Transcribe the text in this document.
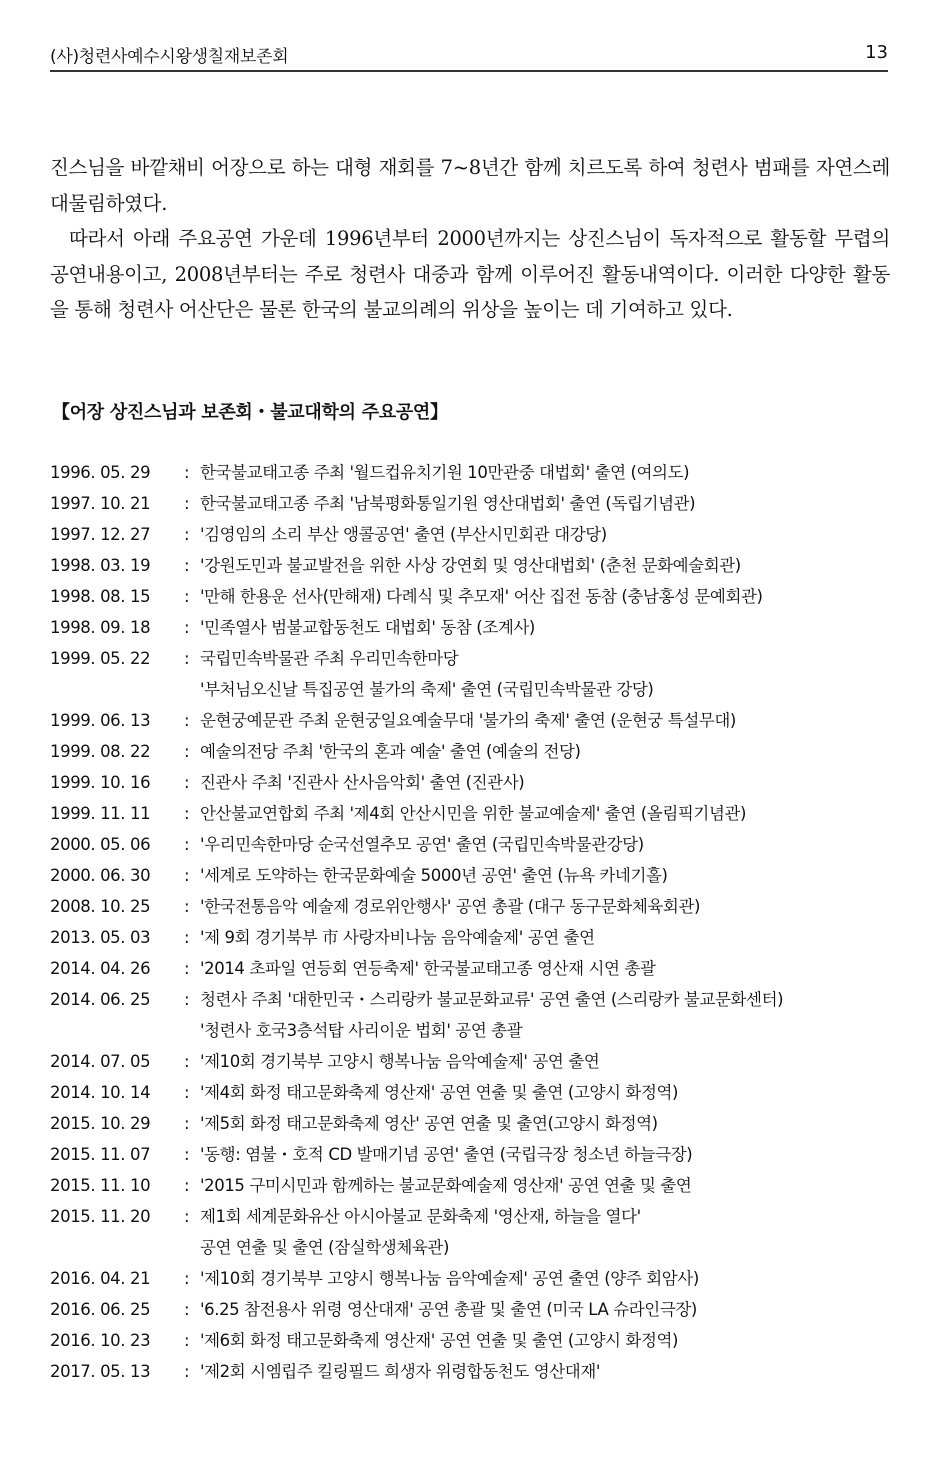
(사)청련사예수시왕생칠재보존회	13

진스님을 바깥채비 어장으로 하는 대형 재회를 7~8년간 함께 치르도록 하여 청련사 범패를 자연스레 대물림하였다.

따라서 아래 주요공연 가운데 1996년부터 2000년까지는 상진스님이 독자적으로 활동할 무렵의 공연내용이고, 2008년부터는 주로 청련사 대중과 함께 이루어진 활동내역이다. 이러한 다양한 활동을 통해 청련사 어산단은 물론 한국의 불교의례의 위상을 높이는 데 기여하고 있다.

【어장 상진스님과 보존회・불교대학의 주요공연】
1996. 05. 29	: 한국불교태고종 주최 '월드컵유치기원 10만관중 대법회' 출연 (여의도)
1997. 10. 21	: 한국불교태고종 주최 '남북평화통일기원 영산대법회' 출연 (독립기념관)
1997. 12. 27	: '김영임의 소리 부산 앵콜공연' 출연 (부산시민회관 대강당)
1998. 03. 19	: '강원도민과 불교발전을 위한 사상 강연회 및 영산대법회' (춘천 문화예술회관)
1998. 08. 15	: '만해 한용운 선사(만해재) 다례식 및 추모재' 어산 집전 동참 (충남홍성 문예회관)
1998. 09. 18	: '민족열사 범불교합동천도 대법회' 동참 (조계사)
1999. 05. 22	: 국립민속박물관 주최 우리민속한마당
'부처님오신날 특집공연 불가의 축제' 출연 (국립민속박물관 강당)
1999. 06. 13	: 운현궁예문관 주최 운현궁일요예술무대 '불가의 축제' 출연 (운현궁 특설무대)
1999. 08. 22	: 예술의전당 주최 '한국의 혼과 예술' 출연 (예술의 전당)
1999. 10. 16	: 진관사 주최 '진관사 산사음악회' 출연 (진관사)
1999. 11. 11	: 안산불교연합회 주최 '제4회 안산시민을 위한 불교예술제' 출연 (올림픽기념관)
2000. 05. 06	: '우리민속한마당 순국선열추모 공연' 출연 (국립민속박물관강당)
2000. 06. 30	: '세계로 도약하는 한국문화예술 5000년 공연' 출연 (뉴욕 카네기홀)
2008. 10. 25	: '한국전통음악 예술제 경로위안행사' 공연 총괄 (대구 동구문화체육회관)
2013. 05. 03	: '제 9회 경기북부 市 사랑자비나눔 음악예술제' 공연 출연
2014. 04. 26	: '2014 초파일 연등회 연등축제' 한국불교태고종 영산재 시연 총괄
2014. 06. 25	: 청련사 주최 '대한민국・스리랑카 불교문화교류' 공연 출연 (스리랑카 불교문화센터)
'청련사 호국3층석탑 사리이운 법회' 공연 총괄
2014. 07. 05	: '제10회 경기북부 고양시 행복나눔 음악예술제' 공연 출연
2014. 10. 14	: '제4회 화정 태고문화축제 영산재' 공연 연출 및 출연 (고양시 화정역)
2015. 10. 29	: '제5회 화정 태고문화축제 영산' 공연 연출 및 출연(고양시 화정역)
2015. 11. 07	: '동행: 염불・호적 CD 발매기념 공연' 출연 (국립극장 청소년 하늘극장)
2015. 11. 10	: '2015 구미시민과 함께하는 불교문화예술제 영산재' 공연 연출 및 출연
2015. 11. 20	: 제1회 세계문화유산 아시아불교 문화축제 '영산재, 하늘을 열다'
공연 연출 및 출연 (잠실학생체육관)
2016. 04. 21	: '제10회 경기북부 고양시 행복나눔 음악예술제' 공연 출연 (양주 회암사)
2016. 06. 25	: '6.25 참전용사 위령 영산대재' 공연 총괄 및 출연 (미국 LA 슈라인극장)
2016. 10. 23	: '제6회 화정 태고문화축제 영산재' 공연 연출 및 출연 (고양시 화정역)
2017. 05. 13	: '제2회 시엠립주 킬링필드 희생자 위령합동천도 영산대재'
